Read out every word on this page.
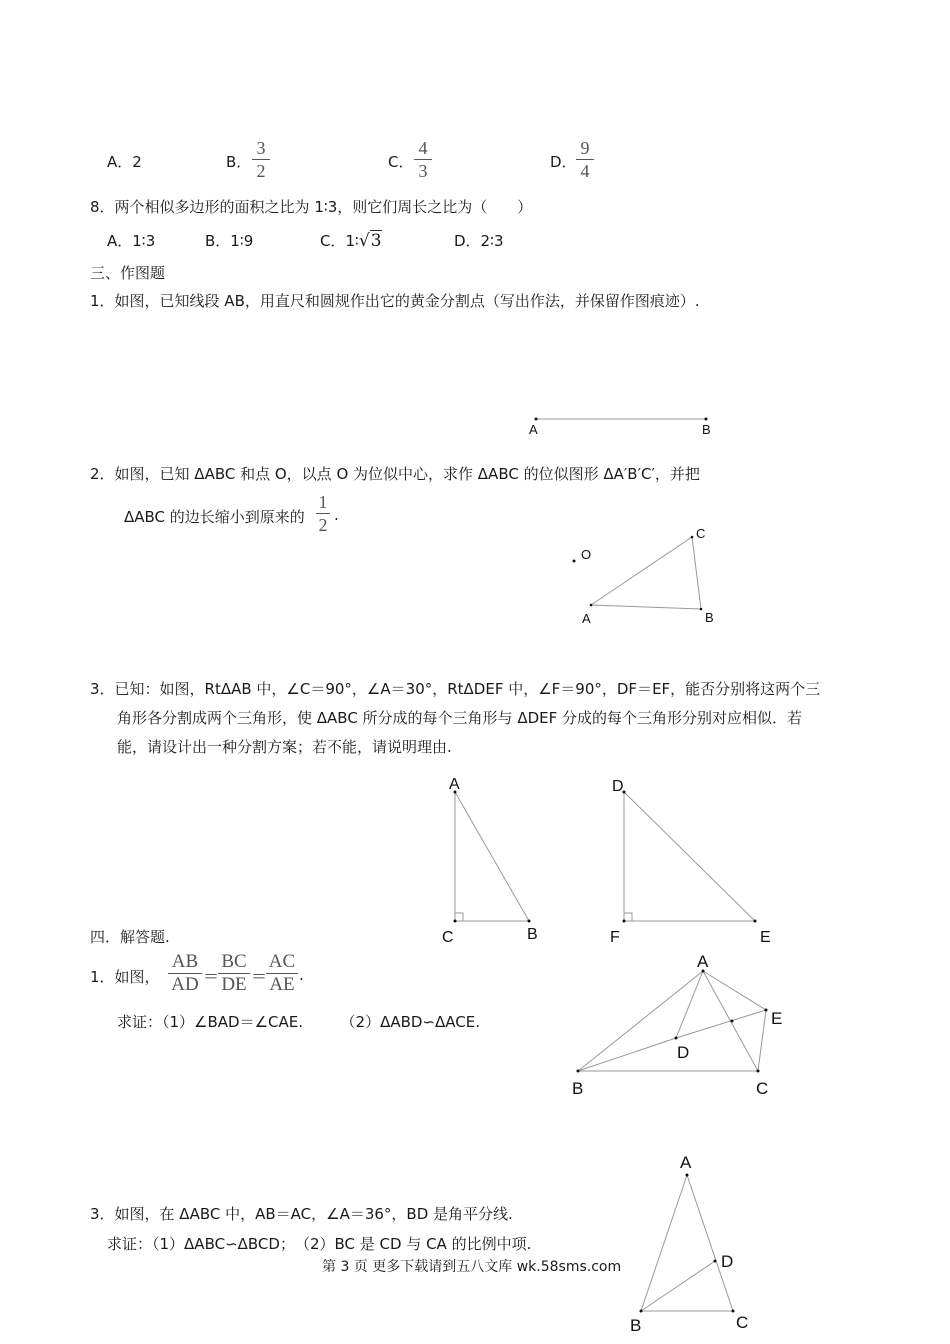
A．2	B．
3
2	C．
4
3	D．
9
4
8．两个相似多边形的面积之比为 1∶3，则它们周长之比为（　　）
A．1∶3	B．1∶9	C．1∶√3	D．2∶3
三、作图题
1．如图，已知线段 AB，用直尺和圆规作出它的黄金分割点（写出作法，并保留作图痕迹）.
A	B
2．如图，已知 ΔABC 和点 O，以点 O 为位似中心，求作 ΔABC 的位似图形 ΔA′B′C′，并把
ΔABC 的边长缩小到原来的
1
2 .
O
A	B
C
3．已知：如图，RtΔAB 中，∠C＝90°，∠A＝30°，RtΔDEF 中，∠F＝90°，DF＝EF，能否分别将这两个三
角形各分割成两个三角形，使 ΔABC 所分成的每个三角形与 ΔDEF 分成的每个三角形分别对应相似．若
能，请设计出一种分割方案；若不能，请说明理由.
A
C	B
D
F	E
四．解答题.
1．如图，
AB
AD ＝
BC
DE ＝
AC
AE .
求证：（1）∠BAD＝∠CAE.　　　（2）ΔABD∽ΔACE.
A
B	C
D
E
3．如图，在 ΔABC 中，AB＝AC，∠A＝36°，BD 是角平分线.
求证：（1）ΔABC∽ΔBCD；　（2）BC 是 CD 与 CA 的比例中项.
A
B	C
D
第 3 页 更多下载请到五八文库 wk.58sms.com
